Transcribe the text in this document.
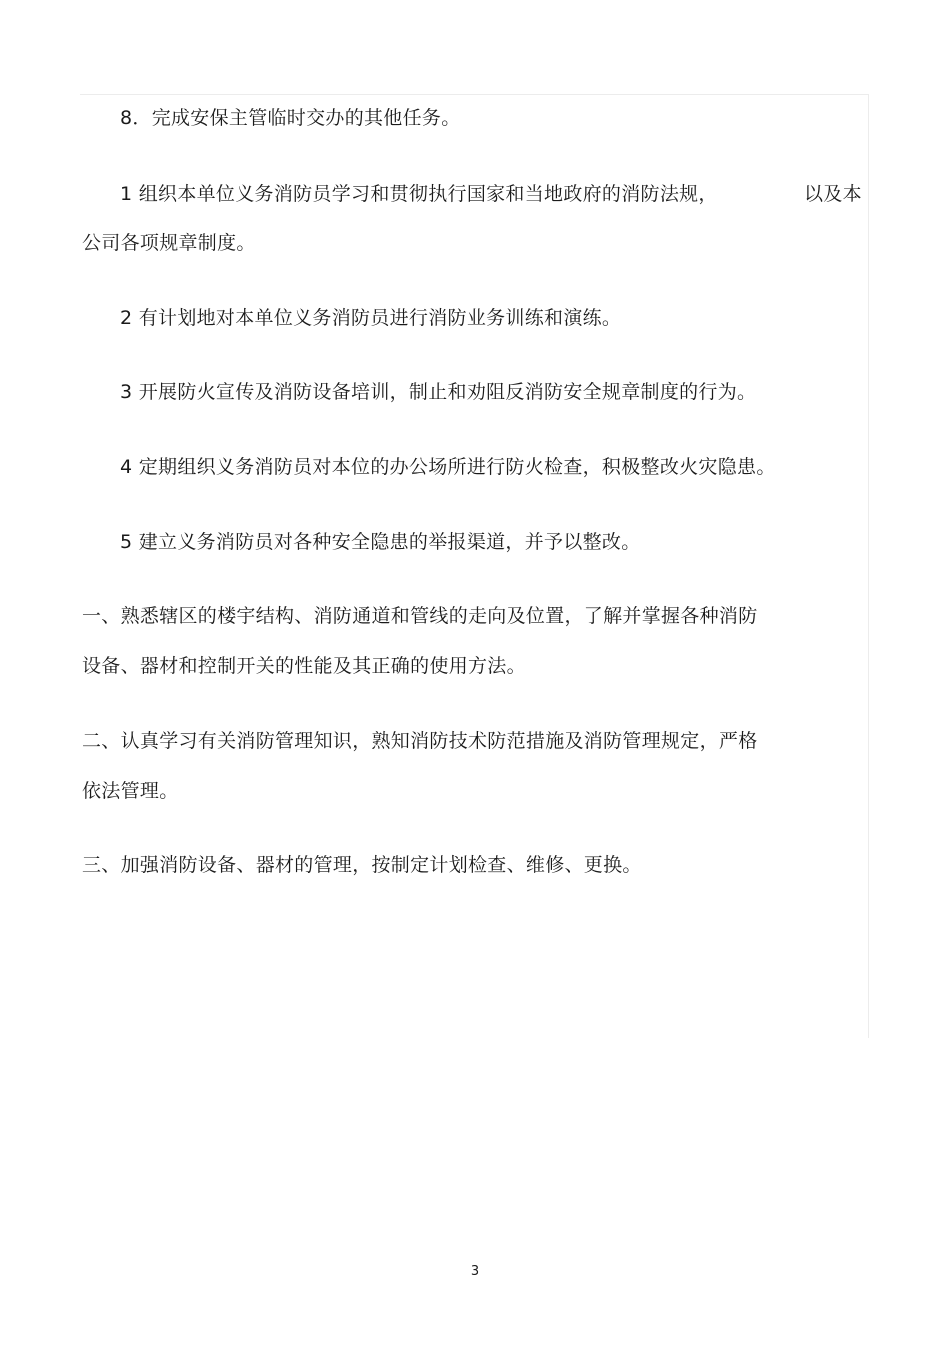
8．完成安保主管临时交办的其他任务。
1 组织本单位义务消防员学习和贯彻执行国家和当地政府的消防法规，	以及本
公司各项规章制度。
2 有计划地对本单位义务消防员进行消防业务训练和演练。
3 开展防火宣传及消防设备培训，制止和劝阻反消防安全规章制度的行为。
4 定期组织义务消防员对本位的办公场所进行防火检查，积极整改火灾隐患。
5 建立义务消防员对各种安全隐患的举报渠道，并予以整改。
一、熟悉辖区的楼宇结构、消防通道和管线的走向及位置，了解并掌握各种消防
设备、器材和控制开关的性能及其正确的使用方法。
二、认真学习有关消防管理知识，熟知消防技术防范措施及消防管理规定，严格
依法管理。
三、加强消防设备、器材的管理，按制定计划检查、维修、更换。
3
